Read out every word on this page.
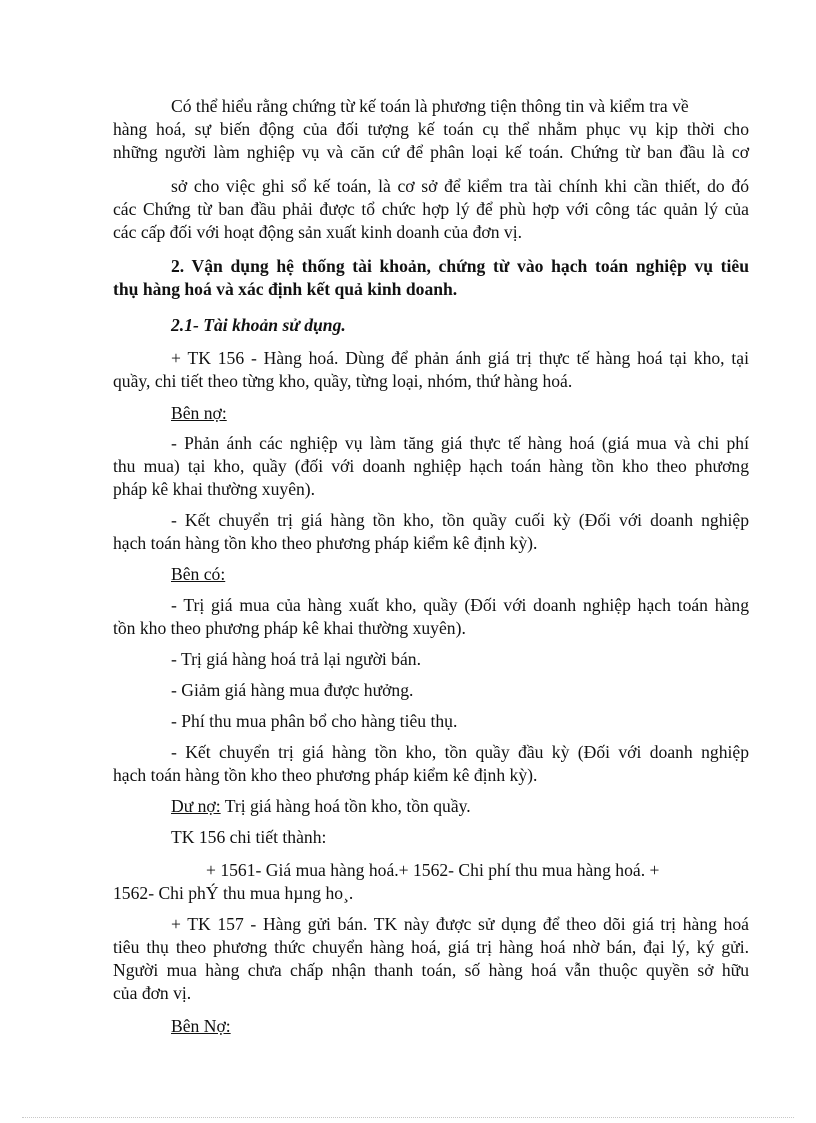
Có thể hiểu rằng chứng từ kế toán là phương tiện thông tin và kiểm tra về
hàng hoá, sự biến động của đối tượng kế toán cụ thể nhằm phục vụ kịp thời cho
những người làm nghiệp vụ và căn cứ để phân loại kế toán. Chứng từ ban đầu là cơ
sở cho việc ghi sổ kế toán, là cơ sở để kiểm tra tài chính khi cần thiết, do đó
các Chứng từ ban đầu phải được tổ chức hợp lý để phù hợp với công tác quản lý của
các cấp đối với hoạt động sản xuất kinh doanh của đơn vị.
2. Vận dụng hệ thống tài khoản, chứng từ vào hạch toán nghiệp vụ tiêu
thụ hàng hoá và xác định kết quả kinh doanh.
2.1- Tài khoản sử dụng.
+ TK 156 - Hàng hoá. Dùng để phản ánh giá trị thực tế hàng hoá tại kho, tại
quầy, chi tiết theo từng kho, quầy, từng loại, nhóm, thứ hàng hoá.
Bên nợ:
- Phản ánh các nghiệp vụ làm tăng giá thực tế hàng hoá (giá mua và chi phí
thu mua) tại kho, quầy (đối với doanh nghiệp hạch toán hàng tồn kho theo phương
pháp kê khai thường xuyên).
- Kết chuyển trị giá hàng tồn kho, tồn quầy cuối kỳ (Đối với doanh nghiệp
hạch toán hàng tồn kho theo phương pháp kiểm kê định kỳ).
Bên có:
- Trị giá mua của hàng xuất kho, quầy (Đối với doanh nghiệp hạch toán hàng
tồn kho theo phương pháp kê khai thường xuyên).
- Trị giá hàng hoá trả lại người bán.
- Giảm giá hàng mua được hưởng.
- Phí thu mua phân bổ cho hàng tiêu thụ.
- Kết chuyển trị giá hàng tồn kho, tồn quầy đầu kỳ (Đối với doanh nghiệp
hạch toán hàng tồn kho theo phương pháp kiểm kê định kỳ).
Dư nợ: Trị giá hàng hoá tồn kho, tồn quầy.
TK 156 chi tiết thành:
+ 1561- Giá mua hàng hoá.+ 1562- Chi phí thu mua hàng hoá. +
1562- Chi phÝ thu mua hµng ho¸.
+ TK 157 - Hàng gửi bán. TK này được sử dụng để theo dõi giá trị hàng hoá
tiêu thụ theo phương thức chuyển hàng hoá, giá trị hàng hoá nhờ bán, đại lý, ký gửi.
Người mua hàng chưa chấp nhận thanh toán, số hàng hoá vẫn thuộc quyền sở hữu
của đơn vị.
Bên Nợ:
